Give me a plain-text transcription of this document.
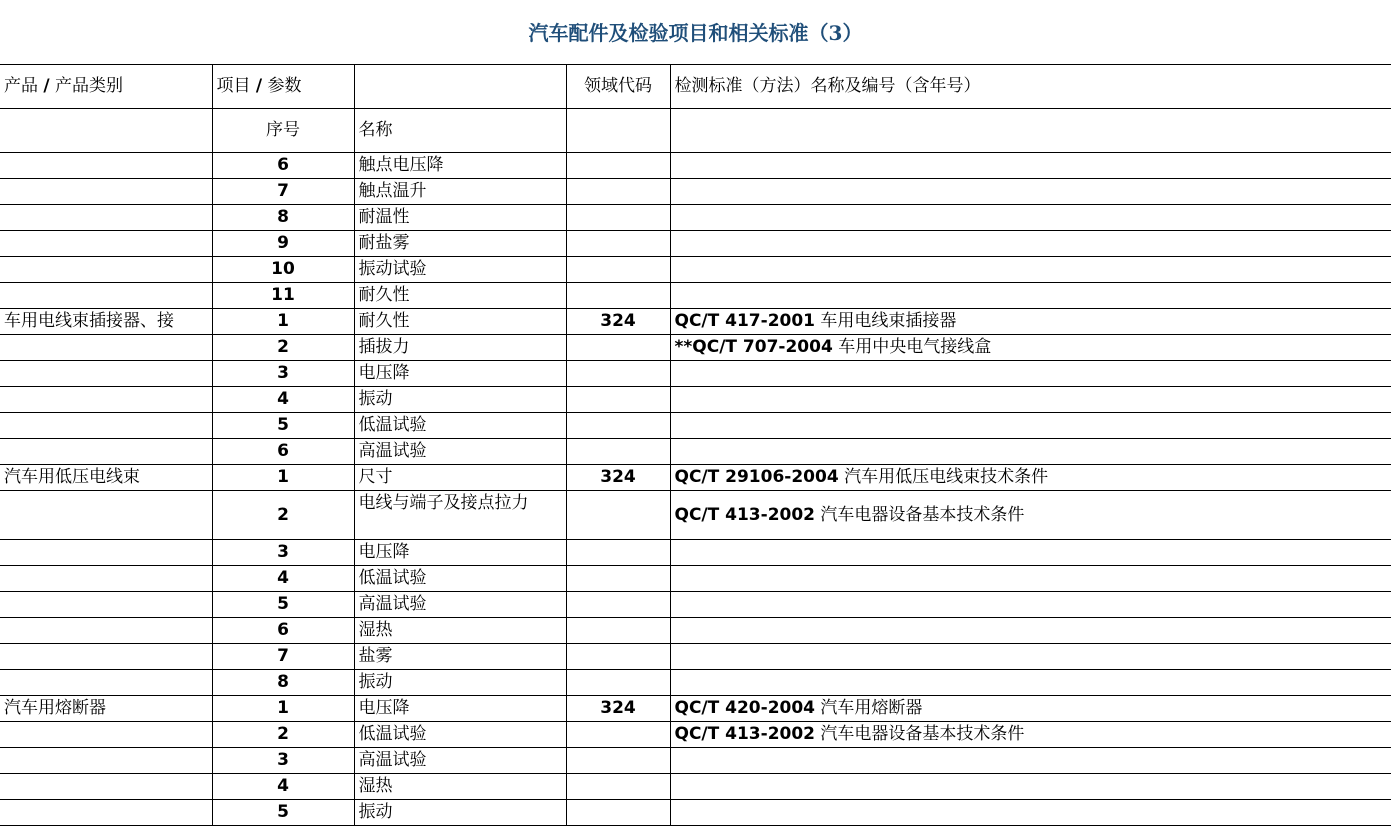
汽车配件及检验项目和相关标准（3）
产品 / 产品类别	项目 / 参数		领域代码	检测标准（方法）名称及编号（含年号）
	序号	名称		
	6	触点电压降		
	7	触点温升		
	8	耐温性		
	9	耐盐雾		
	10	振动试验		
	11	耐久性		
车用电线束插接器、接	1	耐久性	324	QC/T 417-2001 车用电线束插接器
	2	插拔力		**QC/T 707-2004 车用中央电气接线盒
	3	电压降		
	4	振动		
	5	低温试验		
	6	高温试验		
汽车用低压电线束	1	尺寸	324	QC/T 29106-2004 汽车用低压电线束技术条件
	2	电线与端子及接点拉力		QC/T 413-2002 汽车电器设备基本技术条件
	3	电压降		
	4	低温试验		
	5	高温试验		
	6	湿热		
	7	盐雾		
	8	振动		
汽车用熔断器	1	电压降	324	QC/T 420-2004 汽车用熔断器
	2	低温试验		QC/T 413-2002 汽车电器设备基本技术条件
	3	高温试验		
	4	湿热		
	5	振动		
